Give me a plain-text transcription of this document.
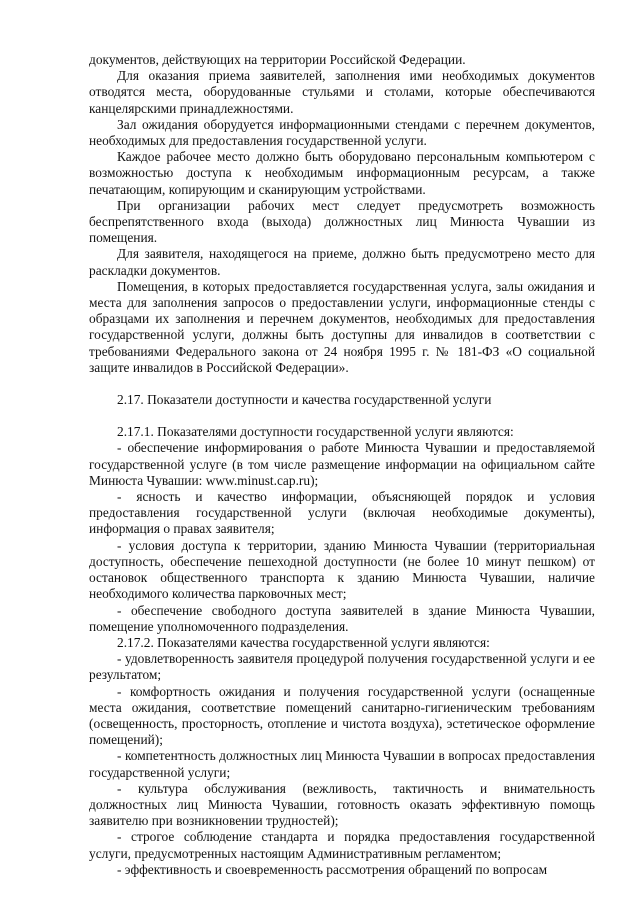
документов, действующих на территории Российской Федерации.

Для оказания приема заявителей, заполнения ими необходимых документов отводятся места, оборудованные стульями и столами, которые обеспечиваются канцелярскими принадлежностями.

Зал ожидания оборудуется информационными стендами с перечнем документов, необходимых для предоставления государственной услуги.

Каждое рабочее место должно быть оборудовано персональным компьютером с возможностью доступа к необходимым информационным ресурсам, а также печатающим, копирующим и сканирующим устройствами.

При организации рабочих мест следует предусмотреть возможность беспрепятственного входа (выхода) должностных лиц Минюста Чувашии из помещения.

Для заявителя, находящегося на приеме, должно быть предусмотрено место для раскладки документов.

Помещения, в которых предоставляется государственная услуга, залы ожидания и места для заполнения запросов о предоставлении услуги, информационные стенды с образцами их заполнения и перечнем документов, необходимых для предоставления государственной услуги, должны быть доступны для инвалидов в соответствии с требованиями Федерального закона от 24 ноября 1995 г. № 181-ФЗ «О социальной защите инвалидов в Российской Федерации».

2.17. Показатели доступности и качества государственной услуги

2.17.1. Показателями доступности государственной услуги являются:

- обеспечение информирования о работе Минюста Чувашии и предоставляемой государственной услуге (в том числе размещение информации на официальном сайте Минюста Чувашии: www.minust.cap.ru);

- ясность и качество информации, объясняющей порядок и условия предоставления государственной услуги (включая необходимые документы), информация о правах заявителя;

- условия доступа к территории, зданию Минюста Чувашии (территориальная доступность, обеспечение пешеходной доступности (не более 10 минут пешком) от остановок общественного транспорта к зданию Минюста Чувашии, наличие необходимого количества парковочных мест;

- обеспечение свободного доступа заявителей в здание Минюста Чувашии, помещение уполномоченного подразделения.

2.17.2. Показателями качества государственной услуги являются:

- удовлетворенность заявителя процедурой получения государственной услуги и ее результатом;

- комфортность ожидания и получения государственной услуги (оснащенные места ожидания, соответствие помещений санитарно-гигиеническим требованиям (освещенность, просторность, отопление и чистота воздуха), эстетическое оформление помещений);

- компетентность должностных лиц Минюста Чувашии в вопросах предоставления государственной услуги;

- культура обслуживания (вежливость, тактичность и внимательность должностных лиц Минюста Чувашии, готовность оказать эффективную помощь заявителю при возникновении трудностей);

- строгое соблюдение стандарта и порядка предоставления государственной услуги, предусмотренных настоящим Административным регламентом;

- эффективность и своевременность рассмотрения обращений по вопросам
